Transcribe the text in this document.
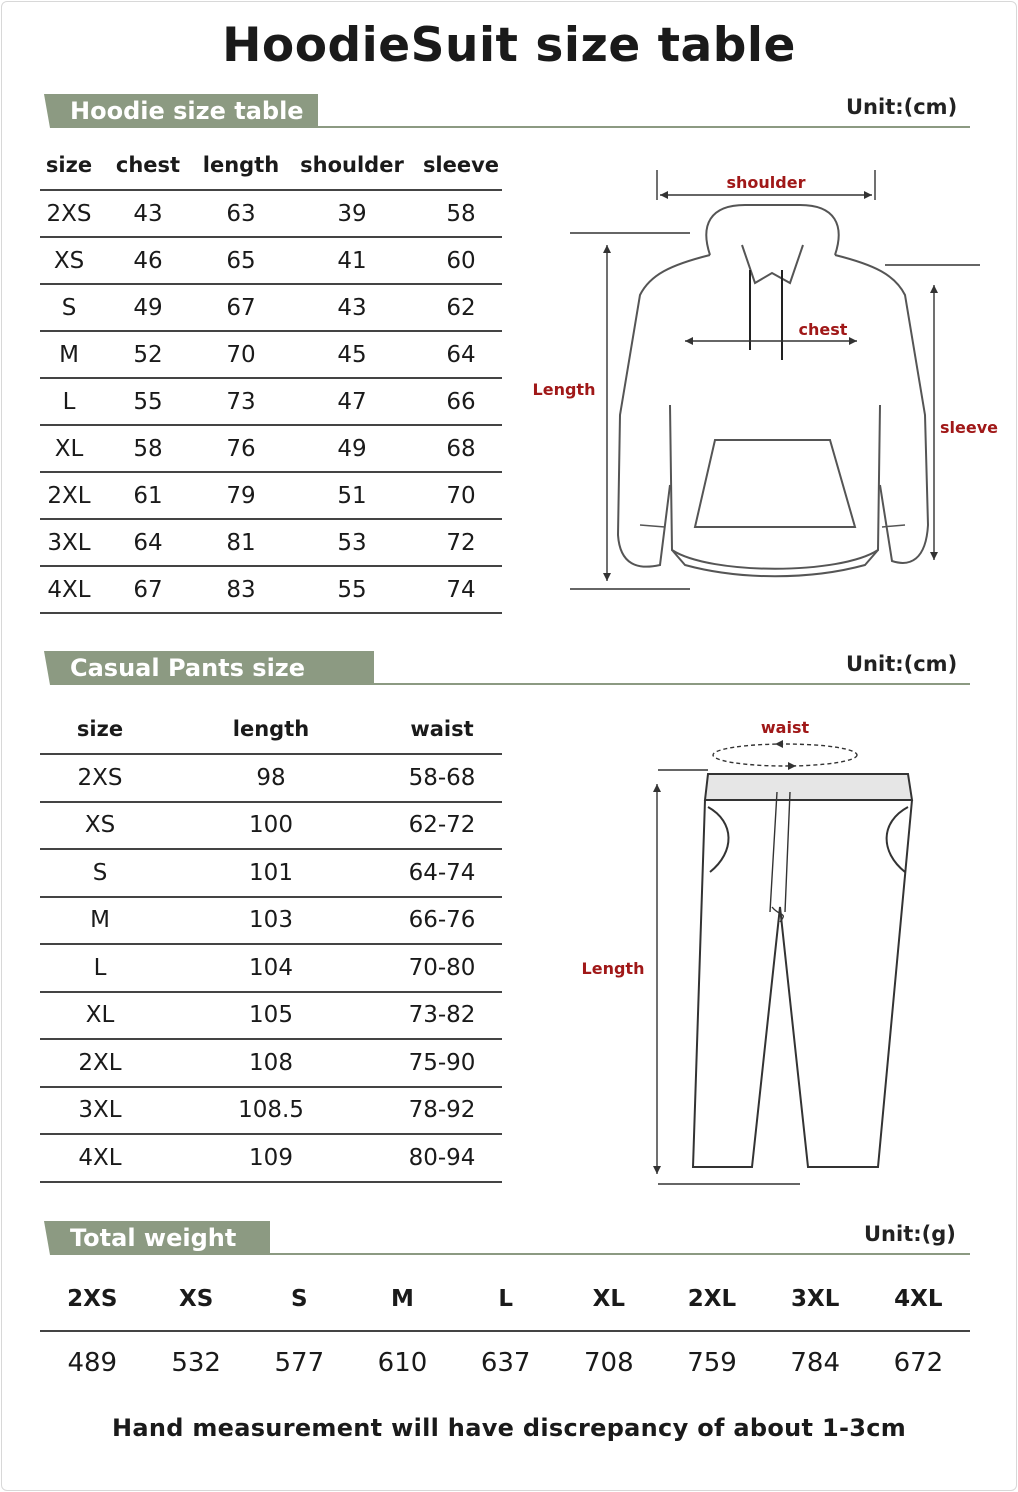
HoodieSuit size table
Hoodie size table	Unit:(cm)
size	chest	length	shoulder	sleeve
2XS	43	63	39	58
XS	46	65	41	60
S	49	67	43	62
M	52	70	45	64
L	55	73	47	66
XL	58	76	49	68
2XL	61	79	51	70
3XL	64	81	53	72
4XL	67	83	55	74
shoulder
chest
Length
sleeve
Casual Pants size table
Unit:(cm)
size	length	waist
2XS	98	58-68
XS	100	62-72
S	101	64-74
M	103	66-76
L	104	70-80
XL	105	73-82
2XL	108	75-90
3XL	108.5	78-92
4XL	109	80-94
waist
Length
Total weight	Unit:(g)
2XS	XS	S	M	L	XL	2XL	3XL	4XL
489	532	577	610	637	708	759	784	672
Hand measurement will have discrepancy of about 1-3cm
